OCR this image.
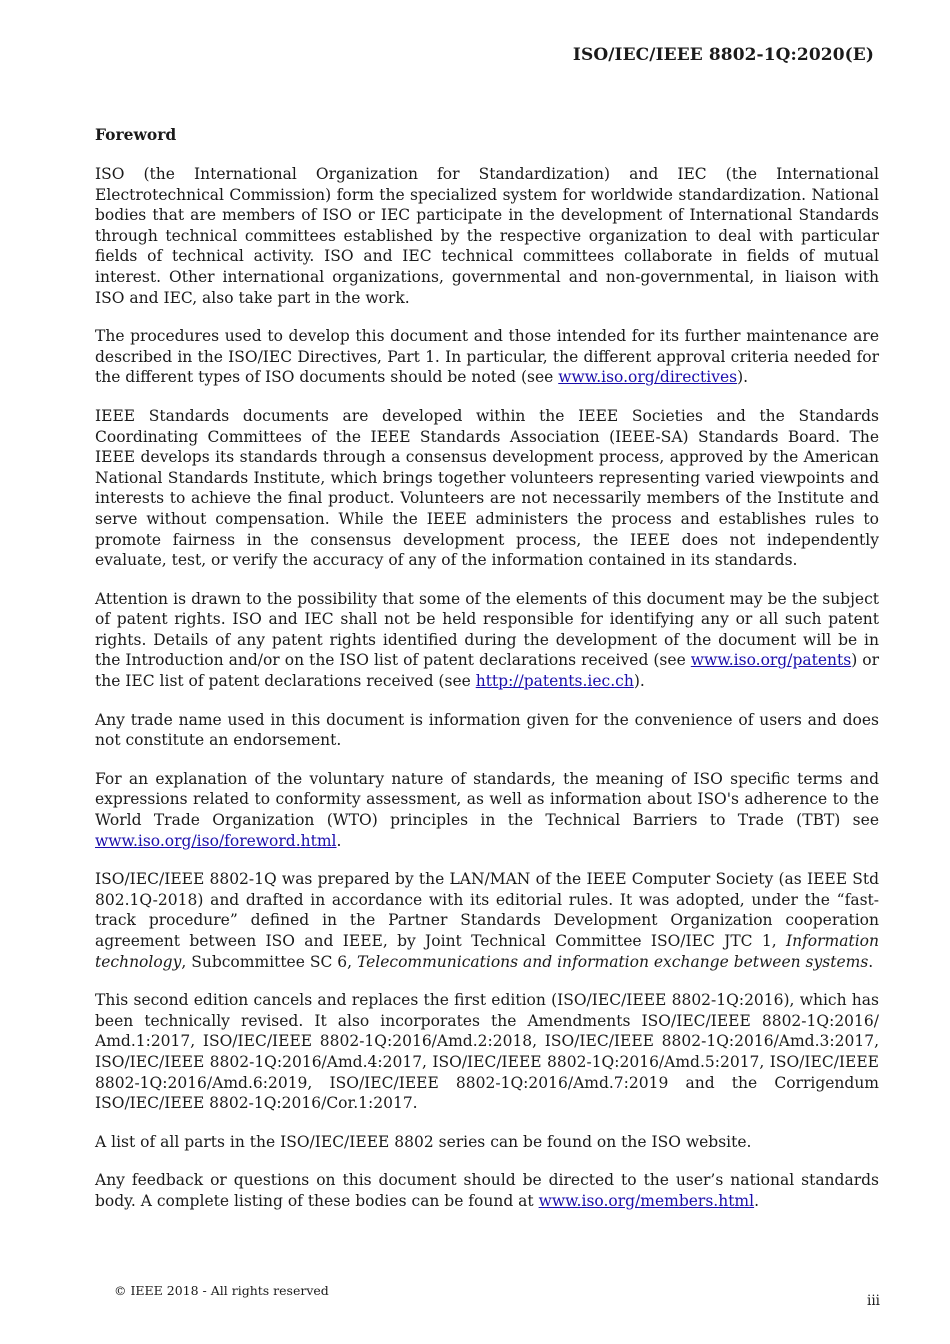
ISO/IEC/IEEE 8802-1Q:2020(E)
Foreword

ISO (the International Organization for Standardization) and IEC (the International Electrotechnical Commission) form the specialized system for worldwide standardization. National bodies that are members of ISO or IEC participate in the development of International Standards through technical committees established by the respective organization to deal with particular fields of technical activity. ISO and IEC technical committees collaborate in fields of mutual interest. Other international organizations, governmental and non-governmental, in liaison with ISO and IEC, also take part in the work.

The procedures used to develop this document and those intended for its further maintenance are described in the ISO/IEC Directives, Part 1. In particular, the different approval criteria needed for the different types of ISO documents should be noted (see www.iso.org/directives).

IEEE Standards documents are developed within the IEEE Societies and the Standards Coordinating Committees of the IEEE Standards Association (IEEE-SA) Standards Board. The IEEE develops its standards through a consensus development process, approved by the American National Standards Institute, which brings together volunteers representing varied viewpoints and interests to achieve the final product. Volunteers are not necessarily members of the Institute and serve without compensation. While the IEEE administers the process and establishes rules to promote fairness in the consensus development process, the IEEE does not independently evaluate, test, or verify the accuracy of any of the information contained in its standards.

Attention is drawn to the possibility that some of the elements of this document may be the subject of patent rights. ISO and IEC shall not be held responsible for identifying any or all such patent rights. Details of any patent rights identified during the development of the document will be in the Introduction and/or on the ISO list of patent declarations received (see www.iso.org/patents) or the IEC list of patent declarations received (see http://patents.iec.ch).

Any trade name used in this document is information given for the convenience of users and does not constitute an endorsement.

For an explanation of the voluntary nature of standards, the meaning of ISO specific terms and expressions related to conformity assessment, as well as information about ISO's adherence to the World Trade Organization (WTO) principles in the Technical Barriers to Trade (TBT) see www.iso.org/iso/foreword.html.

ISO/IEC/IEEE 8802-1Q was prepared by the LAN/MAN of the IEEE Computer Society (as IEEE Std 802.1Q-2018) and drafted in accordance with its editorial rules. It was adopted, under the “fast-track procedure” defined in the Partner Standards Development Organization cooperation agreement between ISO and IEEE, by Joint Technical Committee ISO/IEC JTC 1, Information technology, Subcommittee SC 6, Telecommunications and information exchange between systems.

This second edition cancels and replaces the first edition (ISO/IEC/IEEE 8802-1Q:2016), which has been technically revised. It also incorporates the Amendments ISO/IEC/IEEE 8802-1Q:2016/ Amd.1:2017, ISO/IEC/IEEE 8802-1Q:2016/Amd.2:2018, ISO/IEC/IEEE 8802-1Q:2016/Amd.3:2017, ISO/IEC/IEEE 8802-1Q:2016/Amd.4:2017, ISO/IEC/IEEE 8802-1Q:2016/Amd.5:2017, ISO/IEC/IEEE 8802-1Q:2016/Amd.6:2019, ISO/IEC/IEEE 8802-1Q:2016/Amd.7:2019 and the Corrigendum ISO/IEC/IEEE 8802-1Q:2016/Cor.1:2017.

A list of all parts in the ISO/IEC/IEEE 8802 series can be found on the ISO website.

Any feedback or questions on this document should be directed to the user’s national standards body. A complete listing of these bodies can be found at www.iso.org/members.html.

© IEEE 2018 - All rights reserved
iii
